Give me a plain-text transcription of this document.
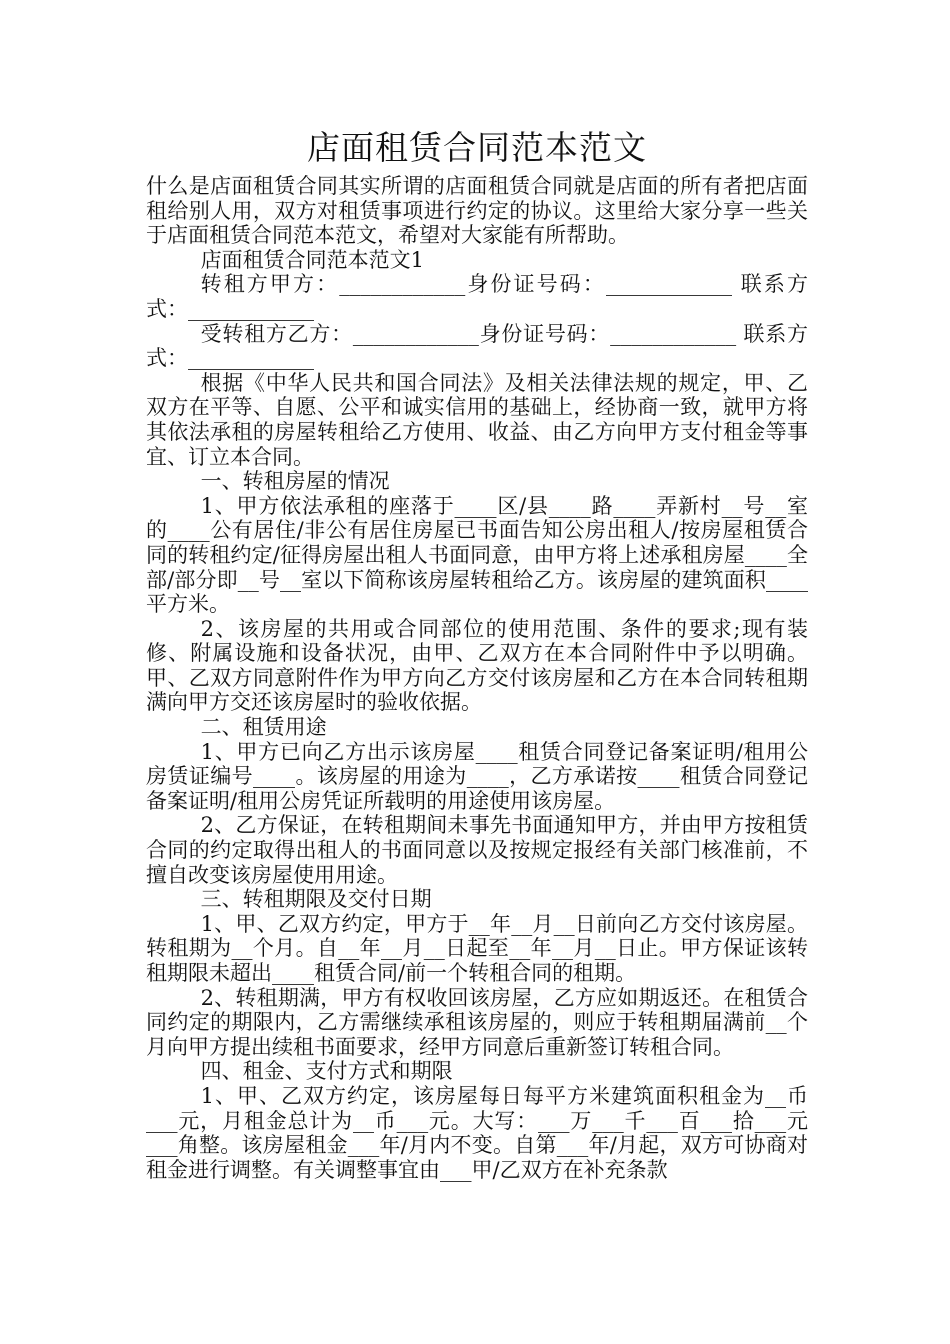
店面租赁合同范本范文

什么是店面租赁合同其实所谓的店面租赁合同就是店面的所有者把店面租给别人用，双方对租赁事项进行约定的协议。这里给大家分享一些关于店面租赁合同范本范文，希望对大家能有所帮助。

店面租赁合同范本范文1

转租方甲方：____________身份证号码：____________ 联系方式：____________

受转租方乙方：____________身份证号码：____________ 联系方式：____________

根据《中华人民共和国合同法》及相关法律法规的规定，甲、乙双方在平等、自愿、公平和诚实信用的基础上，经协商一致，就甲方将其依法承租的房屋转租给乙方使用、收益、由乙方向甲方支付租金等事宜、订立本合同。

一、转租房屋的情况

1、甲方依法承租的座落于____区/县____路____弄新村__号__室的____公有居住/非公有居住房屋已书面告知公房出租人/按房屋租赁合同的转租约定/征得房屋出租人书面同意，由甲方将上述承租房屋____全部/部分即__号__室以下简称该房屋转租给乙方。该房屋的建筑面积____平方米。

2、该房屋的共用或合同部位的使用范围、条件的要求;现有装修、附属设施和设备状况，由甲、乙双方在本合同附件中予以明确。甲、乙双方同意附件作为甲方向乙方交付该房屋和乙方在本合同转租期满向甲方交还该房屋时的验收依据。

二、租赁用途

1、甲方已向乙方出示该房屋____租赁合同登记备案证明/租用公房赁证编号____。该房屋的用途为____，乙方承诺按____租赁合同登记备案证明/租用公房凭证所载明的用途使用该房屋。

2、乙方保证，在转租期间未事先书面通知甲方，并由甲方按租赁合同的约定取得出租人的书面同意以及按规定报经有关部门核准前，不擅自改变该房屋使用用途。

三、转租期限及交付日期

1、甲、乙双方约定，甲方于__年__月__日前向乙方交付该房屋。转租期为__个月。自__年__月__日起至__年__月__日止。甲方保证该转租期限未超出____租赁合同/前一个转租合同的租期。

2、转租期满，甲方有权收回该房屋，乙方应如期返还。在租赁合同约定的期限内，乙方需继续承租该房屋的，则应于转租期届满前__个月向甲方提出续租书面要求，经甲方同意后重新签订转租合同。

四、租金、支付方式和期限

1、甲、乙双方约定，该房屋每日每平方米建筑面积租金为__币___元，月租金总计为__币___元。大写：___万___千___百___拾___元___角整。该房屋租金___年/月内不变。自第___年/月起，双方可协商对租金进行调整。有关调整事宜由___甲/乙双方在补充条款
